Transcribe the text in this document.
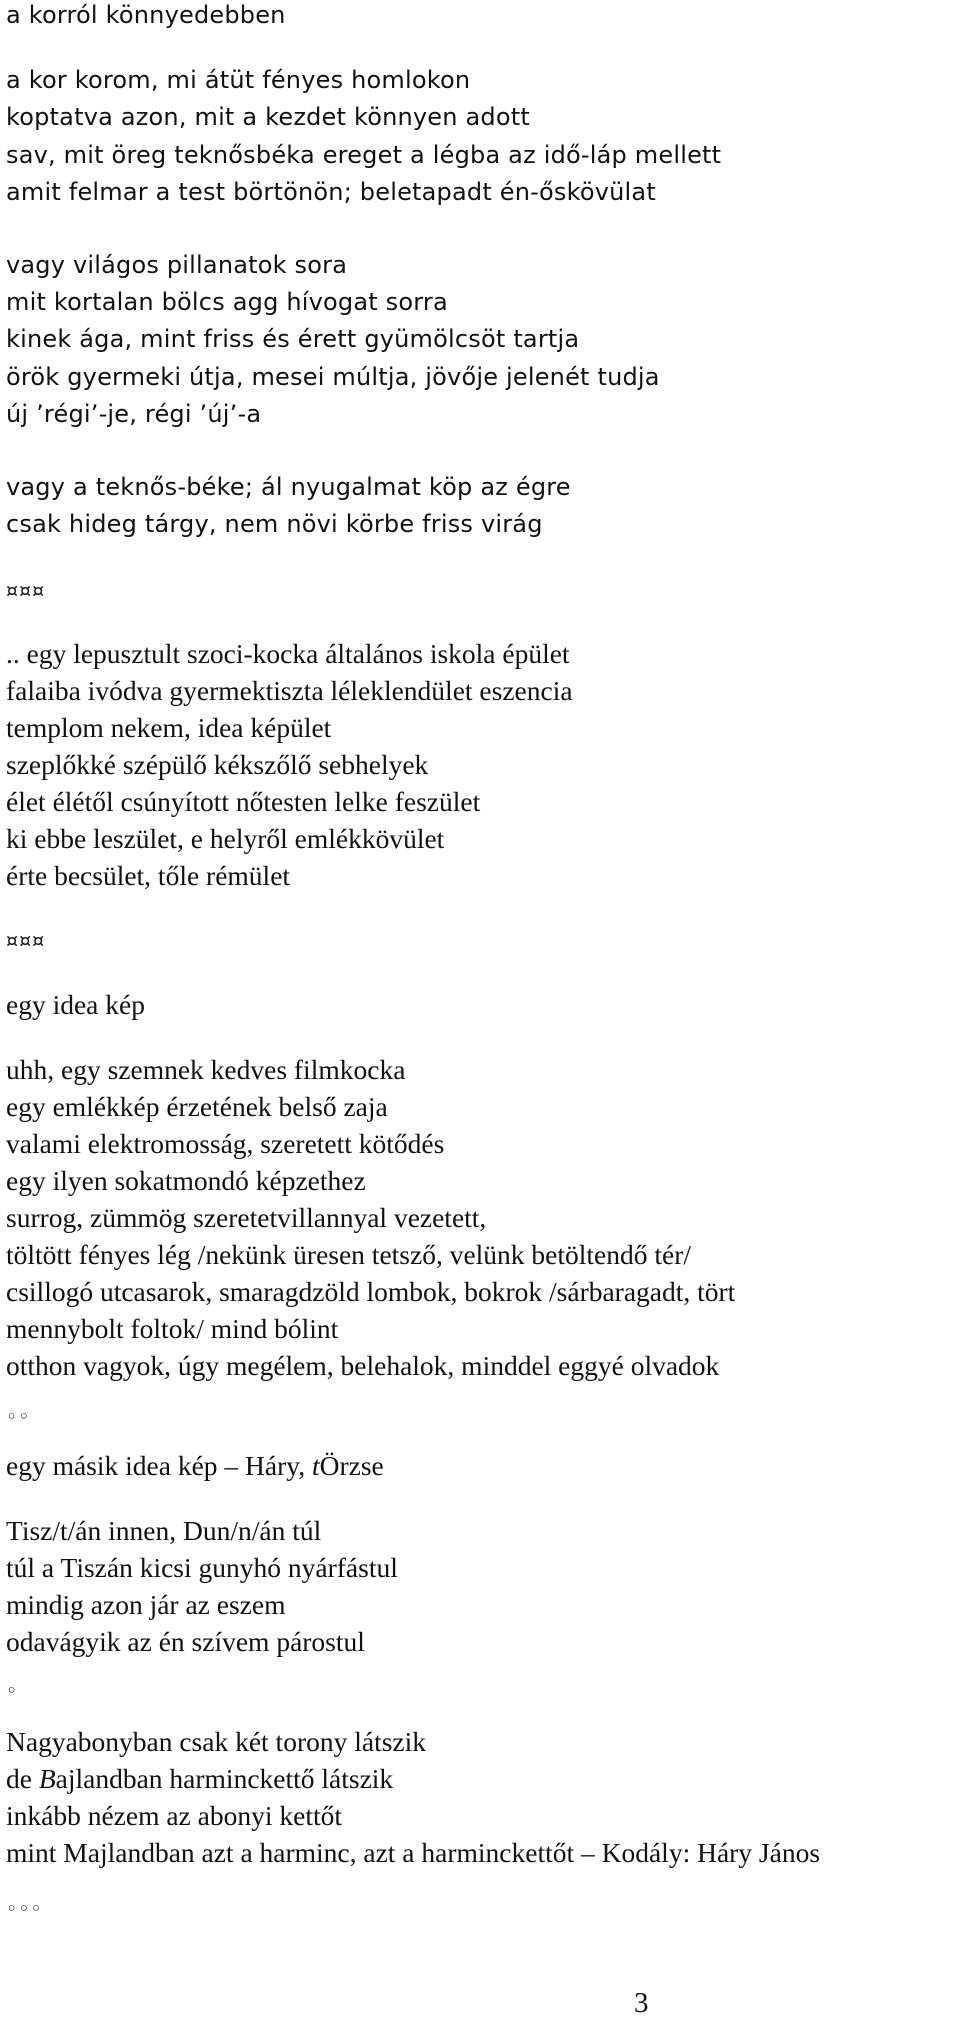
a korról könnyedebben
a kor korom, mi átüt fényes homlokon
koptatva azon, mit a kezdet könnyen adott
sav, mit öreg teknősbéka ereget a légba az idő-láp mellett
amit felmar a test börtönön; beletapadt én-őskövülat
vagy világos pillanatok sora
mit kortalan bölcs agg hívogat sorra
kinek ága, mint friss és érett gyümölcsöt tartja
örök gyermeki útja, mesei múltja, jövője jelenét tudja
új ’régi’-je, régi ’új’-a
vagy a teknős-béke; ál nyugalmat köp az égre
csak hideg tárgy, nem növi körbe friss virág
¤¤¤
.. egy lepusztult szoci-kocka általános iskola épület
falaiba ivódva gyermektiszta léleklendület eszencia
templom nekem, idea képület
szeplőkké szépülő kékszőlő sebhelyek
élet élétől csúnyított nőtesten lelke feszület
ki ebbe leszület, e helyről emlékkövület
érte becsület, tőle rémület
¤¤¤
egy idea kép
uhh, egy szemnek kedves filmkocka
egy emlékkép érzetének belső zaja
valami elektromosság, szeretett kötődés
egy ilyen sokatmondó képzethez
surrog, zümmög szeretetvillannyal vezetett,
töltött fényes lég /nekünk üresen tetsző, velünk betöltendő tér/
csillogó utcasarok, smaragdzöld lombok, bokrok /sárbaragadt, tört
mennybolt foltok/ mind bólint
otthon vagyok, úgy megélem, belehalok, minddel eggyé olvadok
◦◦
egy másik idea kép – Háry, tÖrzse
Tisz/t/án innen, Dun/n/án túl
túl a Tiszán kicsi gunyhó nyárfástul
mindig azon jár az eszem
odavágyik az én szívem párostul
◦
Nagyabonyban csak két torony látszik
de Bajlandban harminckettő látszik
inkább nézem az abonyi kettőt
mint Majlandban azt a harminc, azt a harminckettőt – Kodály: Háry János
◦◦◦
3
